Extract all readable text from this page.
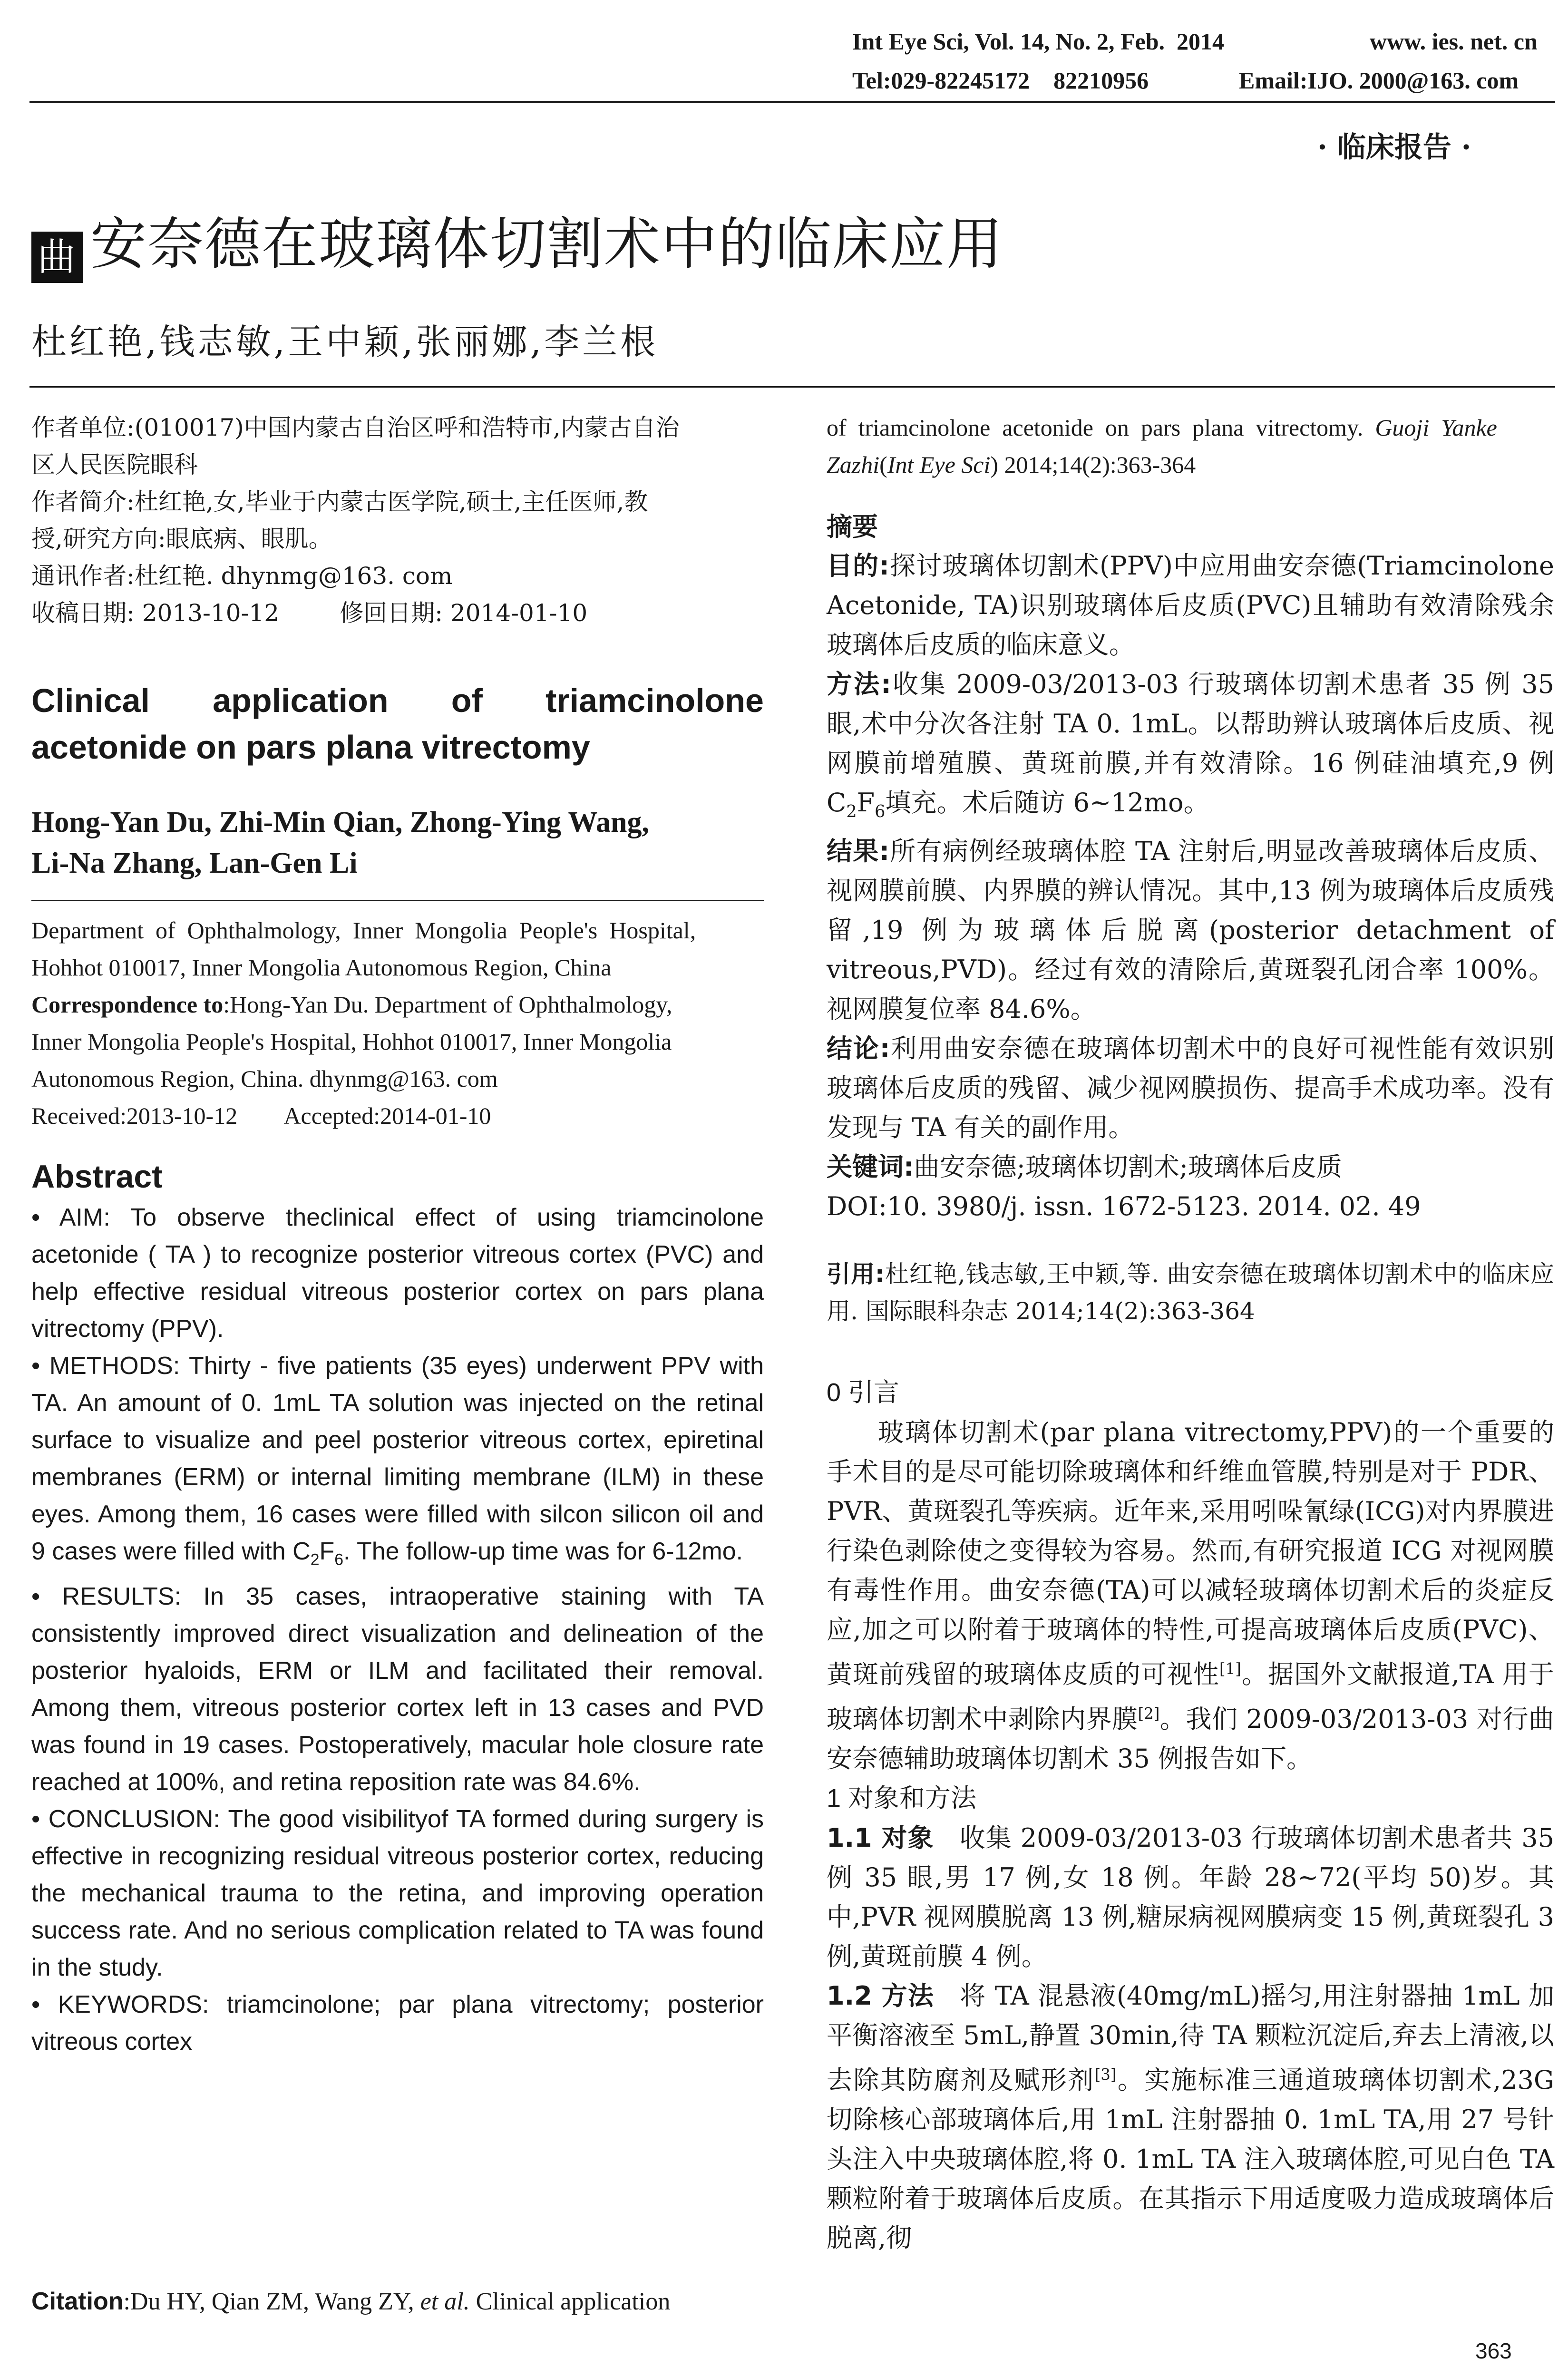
Int Eye Sci, Vol. 14, No. 2, Feb.  2014	www. ies. net. cn
Tel:029-82245172    82210956	Email:IJO. 2000@163. com
· 临床报告 ·
曲 安奈德在玻璃体切割术中的临床应用
杜红艳,钱志敏,王中颖,张丽娜,李兰根

作者单位:(010017)中国内蒙古自治区呼和浩特市,内蒙古自治

区人民医院眼科

作者简介:杜红艳,女,毕业于内蒙古医学院,硕士,主任医师,教

授,研究方向:眼底病、眼肌。

通讯作者:杜红艳. dhynmg@163. com

收稿日期: 2013-10-12        修回日期: 2014-01-10

Clinical    application    of    triamcinolone
acetonide on pars plana vitrectomy
Hong-Yan Du, Zhi-Min Qian, Zhong-Ying Wang,
Li-Na Zhang, Lan-Gen Li

Department  of  Ophthalmology,  Inner  Mongolia  People's  Hospital,

Hohhot 010017, Inner Mongolia Autonomous Region, China

Correspondence to:Hong-Yan Du. Department of Ophthalmology,

Inner Mongolia People's Hospital, Hohhot 010017, Inner Mongolia

Autonomous Region, China. dhynmg@163. com

Received:2013-10-12        Accepted:2014-01-10

Abstract

• AIM: To observe theclinical effect of using triamcinolone acetonide ( TA ) to recognize posterior vitreous cortex (PVC) and help effective residual vitreous posterior cortex on pars plana vitrectomy (PPV).

• METHODS: Thirty - five patients (35 eyes) underwent PPV with TA. An amount of 0. 1mL TA solution was injected on the retinal surface to visualize and peel posterior vitreous cortex, epiretinal membranes (ERM) or internal limiting membrane (ILM) in these eyes. Among them, 16 cases were filled with silcon silicon oil and 9 cases were filled with $C_2F_6$. The follow-up time was for 6-12mo.

• RESULTS: In 35 cases, intraoperative staining with TA consistently improved direct visualization and delineation of the posterior hyaloids, ERM or ILM and facilitated their removal. Among them, vitreous posterior cortex left in 13 cases and PVD was found in 19 cases. Postoperatively, macular hole closure rate reached at 100%, and retina reposition rate was 84.6%.

• CONCLUSION: The good visibilityof TA formed during surgery is effective in recognizing residual vitreous posterior cortex, reducing the mechanical trauma to the retina, and improving operation success rate. And no serious complication related to TA was found in the study.

• KEYWORDS: triamcinolone; par plana vitrectomy; posterior vitreous cortex

Citation:Du HY, Qian ZM, Wang ZY, et al. Clinical application

of  triamcinolone  acetonide  on  pars  plana  vitrectomy.  Guoji  Yanke

Zazhi(Int Eye Sci) 2014;14(2):363-364

摘要

目的:探讨玻璃体切割术(PPV)中应用曲安奈德(Triamcinolone Acetonide, TA)识别玻璃体后皮质(PVC)且辅助有效清除残余玻璃体后皮质的临床意义。

方法:收集 2009-03/2013-03 行玻璃体切割术患者 35 例 35 眼,术中分次各注射 TA 0. 1mL。以帮助辨认玻璃体后皮质、视网膜前增殖膜、黄斑前膜,并有效清除。16 例硅油填充,9 例 $C_2F_6$填充。术后随访 6~12mo。

结果:所有病例经玻璃体腔 TA 注射后,明显改善玻璃体后皮质、视网膜前膜、内界膜的辨认情况。其中,13 例为玻璃体后皮质残留,19 例为玻璃体后脱离(posterior detachment of vitreous,PVD)。经过有效的清除后,黄斑裂孔闭合率 100%。视网膜复位率 84.6%。

结论:利用曲安奈德在玻璃体切割术中的良好可视性能有效识别玻璃体后皮质的残留、减少视网膜损伤、提高手术成功率。没有发现与 TA 有关的副作用。

关键词:曲安奈德;玻璃体切割术;玻璃体后皮质

DOI:10. 3980/j. issn. 1672-5123. 2014. 02. 49

引用:杜红艳,钱志敏,王中颖,等. 曲安奈德在玻璃体切割术中的临床应用. 国际眼科杂志 2014;14(2):363-364

0 引言

玻璃体切割术(par plana vitrectomy,PPV)的一个重要的手术目的是尽可能切除玻璃体和纤维血管膜,特别是对于 PDR、PVR、黄斑裂孔等疾病。近年来,采用吲哚氰绿(ICG)对内界膜进行染色剥除使之变得较为容易。然而,有研究报道 ICG 对视网膜有毒性作用。曲安奈德(TA)可以减轻玻璃体切割术后的炎症反应,加之可以附着于玻璃体的特性,可提高玻璃体后皮质(PVC)、黄斑前残留的玻璃体皮质的可视性[1]。据国外文献报道,TA 用于玻璃体切割术中剥除内界膜[2]。我们 2009-03/2013-03 对行曲安奈德辅助玻璃体切割术 35 例报告如下。

1 对象和方法

1.1 对象 收集 2009-03/2013-03 行玻璃体切割术患者共 35 例 35 眼,男 17 例,女 18 例。年龄 28~72(平均 50)岁。其中,PVR 视网膜脱离 13 例,糖尿病视网膜病变 15 例,黄斑裂孔 3 例,黄斑前膜 4 例。

1.2 方法 将 TA 混悬液(40mg/mL)摇匀,用注射器抽 1mL 加平衡溶液至 5mL,静置 30min,待 TA 颗粒沉淀后,弃去上清液,以去除其防腐剂及赋形剂[3]。实施标准三通道玻璃体切割术,23G 切除核心部玻璃体后,用 1mL 注射器抽 0. 1mL TA,用 27 号针头注入中央玻璃体腔,将 0. 1mL TA 注入玻璃体腔,可见白色 TA 颗粒附着于玻璃体后皮质。在其指示下用适度吸力造成玻璃体后脱离,彻

363
